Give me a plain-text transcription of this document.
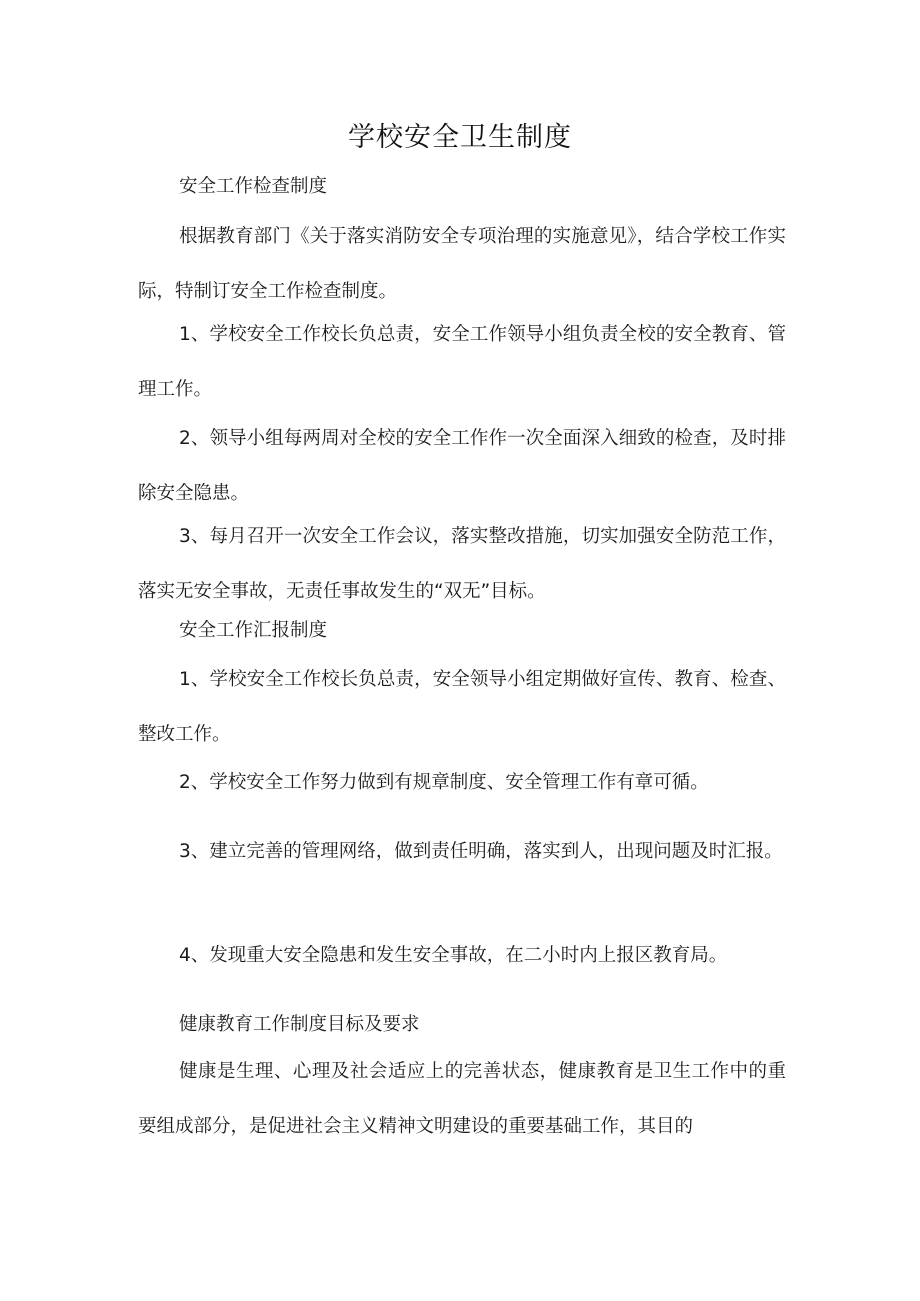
学校安全卫生制度

安全工作检查制度

根据教育部门《关于落实消防安全专项治理的实施意见》，结合学校工作实际，特制订安全工作检查制度。

1、学校安全工作校长负总责，安全工作领导小组负责全校的安全教育、管理工作。

2、领导小组每两周对全校的安全工作作一次全面深入细致的检查，及时排除安全隐患。

3、每月召开一次安全工作会议，落实整改措施，切实加强安全防范工作，落实无安全事故，无责任事故发生的“双无”目标。

安全工作汇报制度

1、学校安全工作校长负总责，安全领导小组定期做好宣传、教育、检查、整改工作。

2、学校安全工作努力做到有规章制度、安全管理工作有章可循。

3、建立完善的管理网络，做到责任明确，落实到人，出现问题及时汇报。

4、发现重大安全隐患和发生安全事故，在二小时内上报区教育局。

健康教育工作制度目标及要求

健康是生理、心理及社会适应上的完善状态，健康教育是卫生工作中的重要组成部分，是促进社会主义精神文明建设的重要基础工作，其目的
